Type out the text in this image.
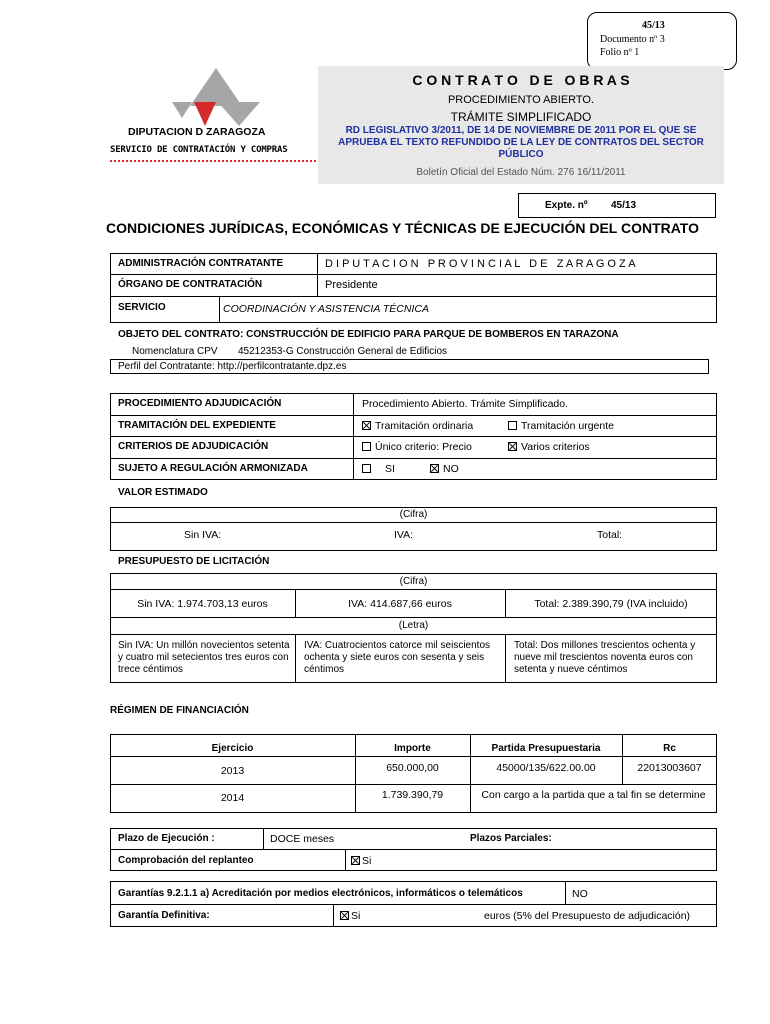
45/13
Documento nº 3
Folio nº 1
DIPUTACION D ZARAGOZA
SERVICIO DE CONTRATACIÓN Y COMPRAS
C O N T R A T O   D E   O B R A S
PROCEDIMIENTO ABIERTO.
TRÁMITE SIMPLIFICADO
RD LEGISLATIVO 3/2011, DE 14 DE NOVIEMBRE DE 2011 POR EL QUE SE APRUEBA EL TEXTO REFUNDIDO DE LA LEY DE CONTRATOS DEL SECTOR PÚBLICO
Boletín Oficial del Estado Núm. 276 16/11/2011
Expte. nº 45/13
CONDICIONES JURÍDICAS, ECONÓMICAS Y TÉCNICAS DE EJECUCIÓN DEL CONTRATO
ADMINISTRACIÓN CONTRATANTE	D I P U T A C I O N   P R O V I N C I A L   D E   Z A R A G O Z A
ÓRGANO DE CONTRATACIÓN	Presidente
SERVICIO	COORDINACIÓN Y ASISTENCIA TÉCNICA
OBJETO DEL CONTRATO: CONSTRUCCIÓN DE EDIFICIO PARA PARQUE DE BOMBEROS EN TARAZONA
Nomenclatura CPV 45212353-G Construcción General de Edificios
Perfil del Contratante: http://perfilcontratante.dpz.es
PROCEDIMIENTO ADJUDICACIÓN	Procedimiento Abierto. Trámite Simplificado.
TRAMITACIÓN DEL EXPEDIENTE	Tramitación ordinaria	Tramitación urgente
CRITERIOS DE ADJUDICACIÓN	Único criterio: Precio	Varios criterios
SUJETO A REGULACIÓN ARMONIZADA	SI	NO
VALOR ESTIMADO
(Cifra)
Sin IVA:	IVA:	Total:
PRESUPUESTO DE LICITACIÓN
(Cifra)
Sin IVA: 1.974.703,13 euros	IVA: 414.687,66 euros	Total: 2.389.390,79 (IVA incluido)
(Letra)
Sin IVA: Un millón novecientos setenta y cuatro mil setecientos tres euros con trece céntimos
IVA: Cuatrocientos catorce mil seiscientos ochenta y siete euros con sesenta y seis céntimos
Total: Dos millones trescientos ochenta y nueve mil trescientos noventa euros con setenta y nueve céntimos
RÉGIMEN DE FINANCIACIÓN
Ejercicio	Importe	Partida Presupuestaria	Rc
2013	650.000,00	45000/135/622.00.00	22013003607
2014	1.739.390,79	Con cargo a la partida que a tal fin se determine
Plazo de Ejecución :	DOCE meses	Plazos Parciales:
Comprobación del replanteo	Si
Garantías 9.2.1.1 a) Acreditación por medios electrónicos, informáticos o telemáticos	NO
Garantía Definitiva:	Si	euros (5% del Presupuesto de adjudicación)
